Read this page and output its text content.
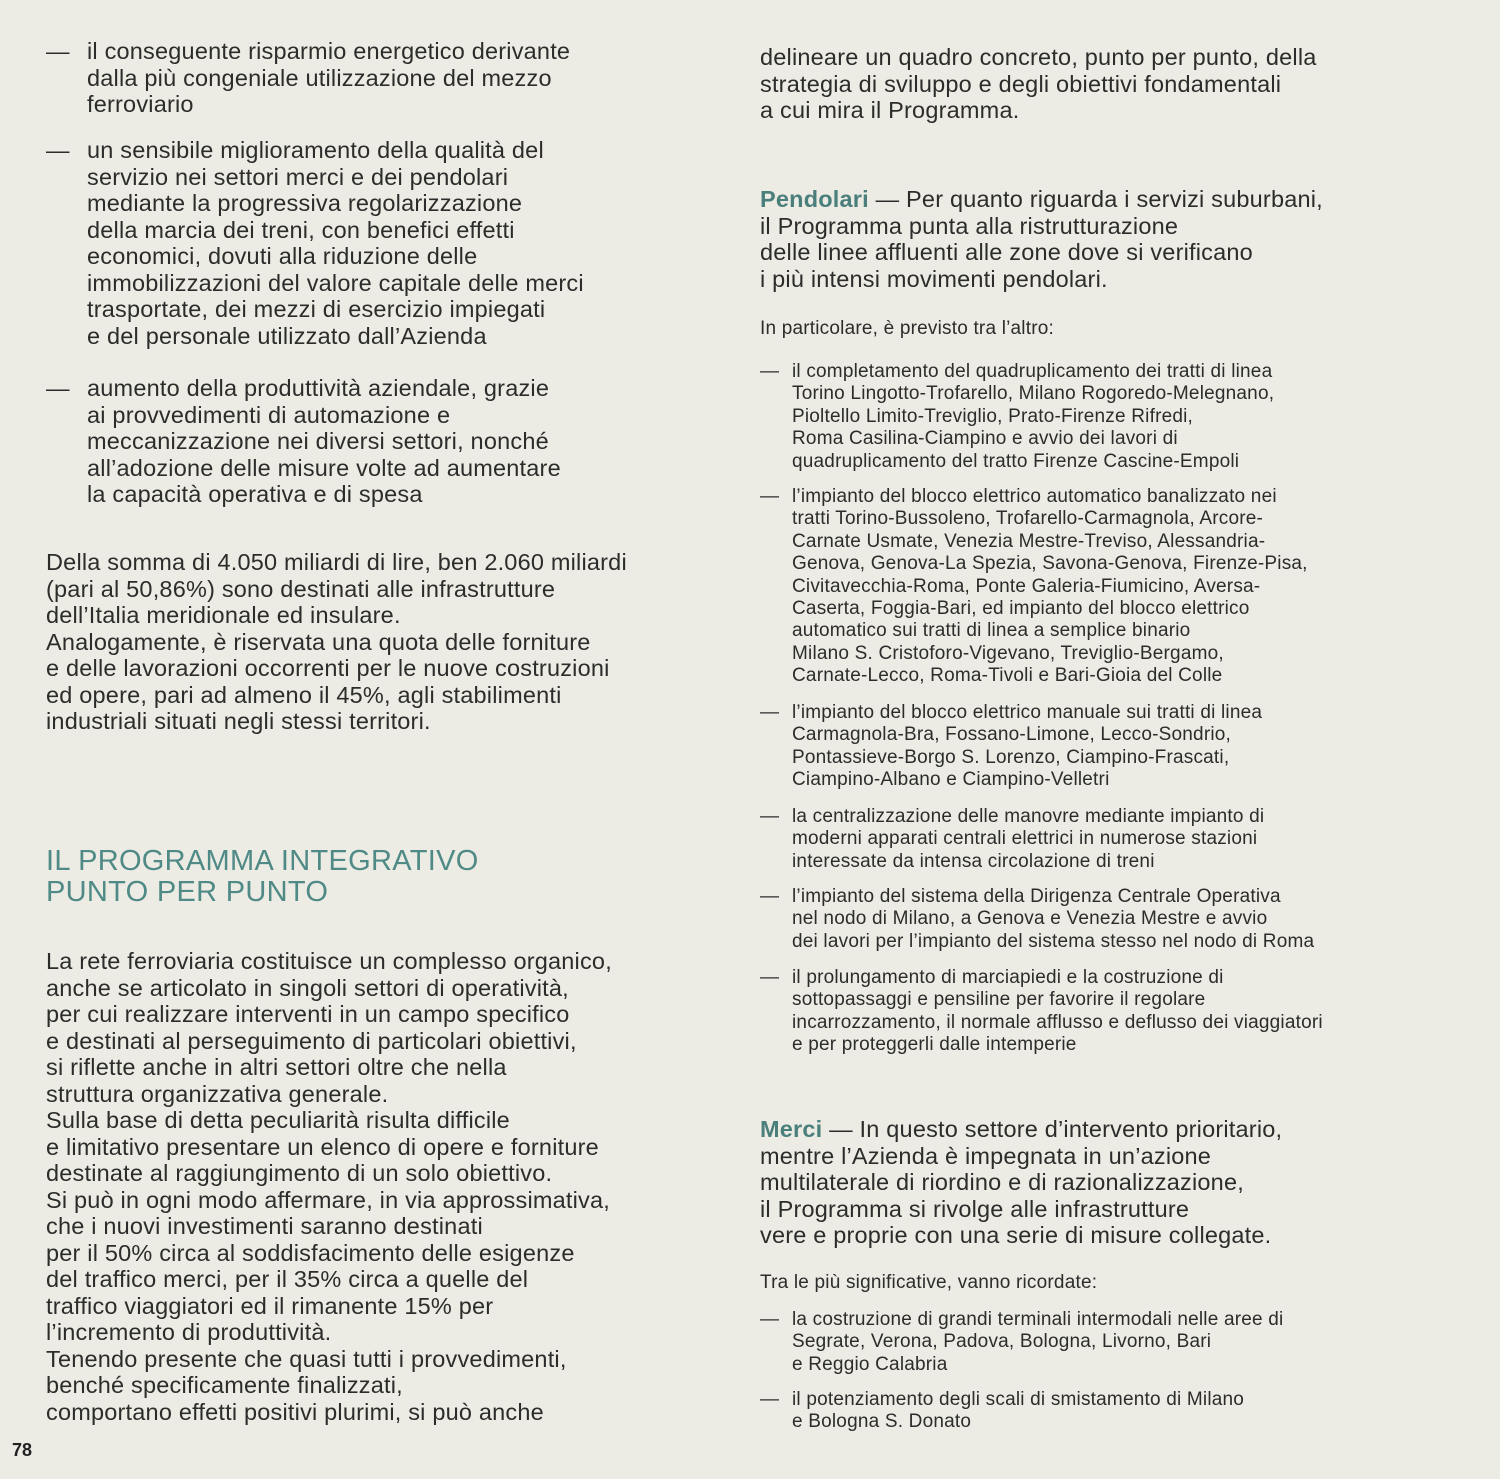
— il conseguente risparmio energetico derivante
dalla più congeniale utilizzazione del mezzo
ferroviario
— un sensibile miglioramento della qualità del
servizio nei settori merci e dei pendolari
mediante la progressiva regolarizzazione
della marcia dei treni, con benefici effetti
economici, dovuti alla riduzione delle
immobilizzazioni del valore capitale delle merci
trasportate, dei mezzi di esercizio impiegati
e del personale utilizzato dall’Azienda
— aumento della produttività aziendale, grazie
ai provvedimenti di automazione e
meccanizzazione nei diversi settori, nonché
all’adozione delle misure volte ad aumentare
la capacità operativa e di spesa

Della somma di 4.050 miliardi di lire, ben 2.060 miliardi
(pari al 50,86%) sono destinati alle infrastrutture
dell’Italia meridionale ed insulare.
Analogamente, è riservata una quota delle forniture
e delle lavorazioni occorrenti per le nuove costruzioni
ed opere, pari ad almeno il 45%, agli stabilimenti
industriali situati negli stessi territori.

IL PROGRAMMA INTEGRATIVO
PUNTO PER PUNTO

La rete ferroviaria costituisce un complesso organico,
anche se articolato in singoli settori di operatività,
per cui realizzare interventi in un campo specifico
e destinati al perseguimento di particolari obiettivi,
si riflette anche in altri settori oltre che nella
struttura organizzativa generale.
Sulla base di detta peculiarità risulta difficile
e limitativo presentare un elenco di opere e forniture
destinate al raggiungimento di un solo obiettivo.
Si può in ogni modo affermare, in via approssimativa,
che i nuovi investimenti saranno destinati
per il 50% circa al soddisfacimento delle esigenze
del traffico merci, per il 35% circa a quelle del
traffico viaggiatori ed il rimanente 15% per
l’incremento di produttività.
Tenendo presente che quasi tutti i provvedimenti,
benché specificamente finalizzati,
comportano effetti positivi plurimi, si può anche

delineare un quadro concreto, punto per punto, della
strategia di sviluppo e degli obiettivi fondamentali
a cui mira il Programma.

Pendolari — Per quanto riguarda i servizi suburbani,
il Programma punta alla ristrutturazione
delle linee affluenti alle zone dove si verificano
i più intensi movimenti pendolari.

In particolare, è previsto tra l’altro:

— il completamento del quadruplicamento dei tratti di linea
Torino Lingotto-Trofarello, Milano Rogoredo-Melegnano,
Pioltello Limito-Treviglio, Prato-Firenze Rifredi,
Roma Casilina-Ciampino e avvio dei lavori di
quadruplicamento del tratto Firenze Cascine-Empoli
— l’impianto del blocco elettrico automatico banalizzato nei
tratti Torino-Bussoleno, Trofarello-Carmagnola, Arcore-
Carnate Usmate, Venezia Mestre-Treviso, Alessandria-
Genova, Genova-La Spezia, Savona-Genova, Firenze-Pisa,
Civitavecchia-Roma, Ponte Galeria-Fiumicino, Aversa-
Caserta, Foggia-Bari, ed impianto del blocco elettrico
automatico sui tratti di linea a semplice binario
Milano S. Cristoforo-Vigevano, Treviglio-Bergamo,
Carnate-Lecco, Roma-Tivoli e Bari-Gioia del Colle
— l’impianto del blocco elettrico manuale sui tratti di linea
Carmagnola-Bra, Fossano-Limone, Lecco-Sondrio,
Pontassieve-Borgo S. Lorenzo, Ciampino-Frascati,
Ciampino-Albano e Ciampino-Velletri
— la centralizzazione delle manovre mediante impianto di
moderni apparati centrali elettrici in numerose stazioni
interessate da intensa circolazione di treni
— l’impianto del sistema della Dirigenza Centrale Operativa
nel nodo di Milano, a Genova e Venezia Mestre e avvio
dei lavori per l’impianto del sistema stesso nel nodo di Roma
— il prolungamento di marciapiedi e la costruzione di
sottopassaggi e pensiline per favorire il regolare
incarrozzamento, il normale afflusso e deflusso dei viaggiatori
e per proteggerli dalle intemperie

Merci — In questo settore d’intervento prioritario,
mentre l’Azienda è impegnata in un’azione
multilaterale di riordino e di razionalizzazione,
il Programma si rivolge alle infrastrutture
vere e proprie con una serie di misure collegate.

Tra le più significative, vanno ricordate:

— la costruzione di grandi terminali intermodali nelle aree di
Segrate, Verona, Padova, Bologna, Livorno, Bari
e Reggio Calabria
— il potenziamento degli scali di smistamento di Milano
e Bologna S. Donato
78
